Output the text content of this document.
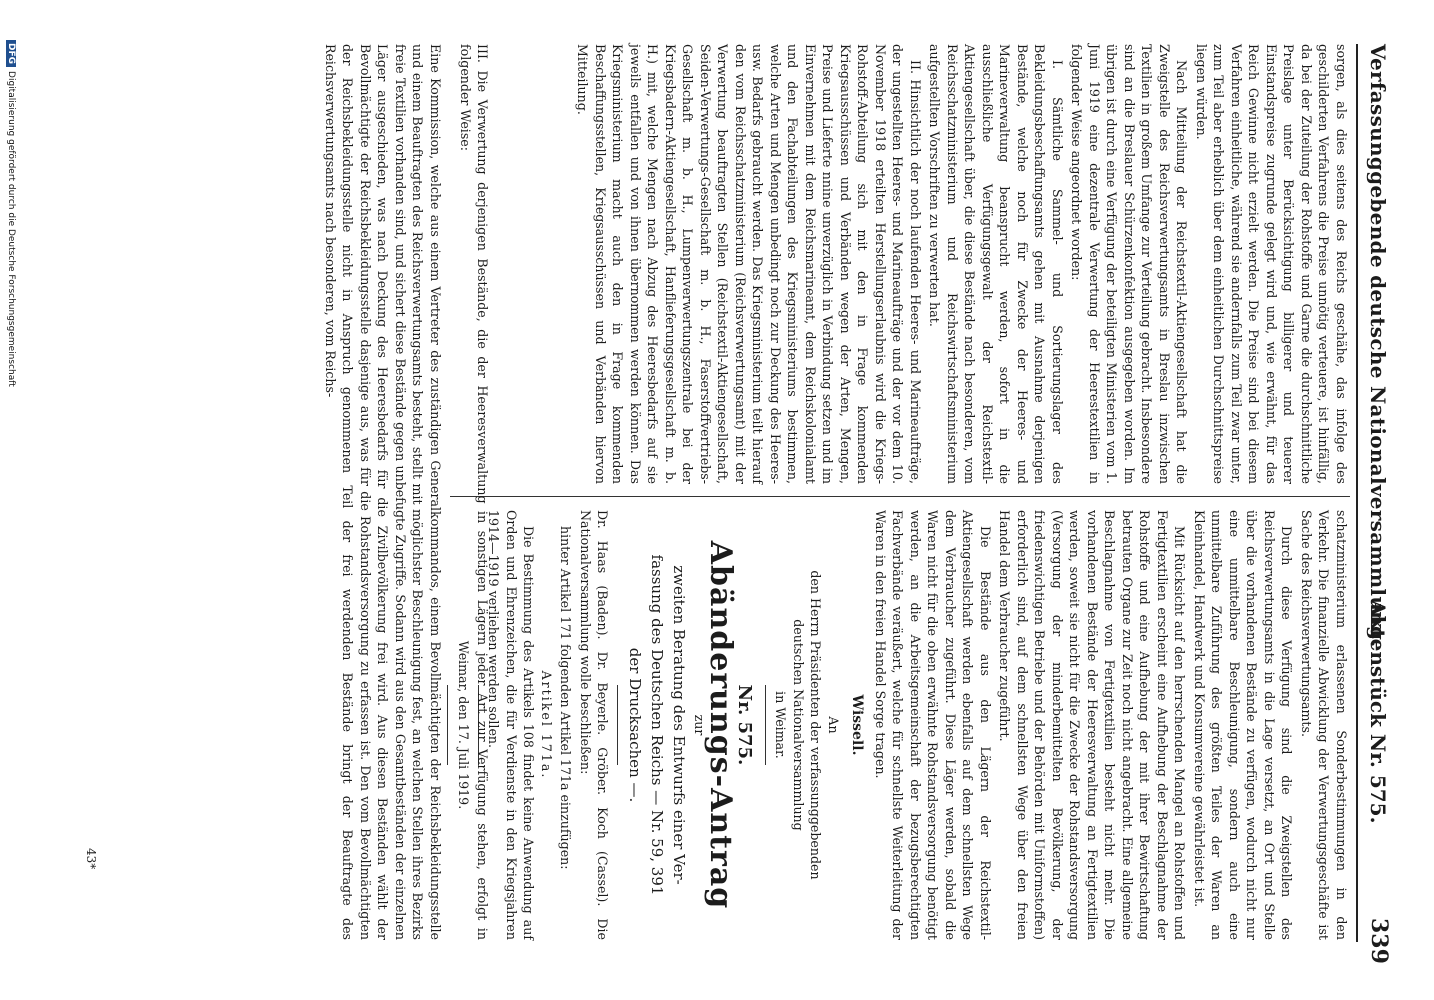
Verfassunggebende deutsche Nationalversammlung.
Aktenstück Nr. 575.
339

sorgen, als dies seitens des Reichs geschähe, das infolge des geschilderten Verfahrens die Preise unnötig verteuere, ist hinfällig, da bei der Zuteilung der Rohstoffe und Garne die durchschnittliche Preislage unter Berücksichtigung billigerer und teuerer Einstandspreise zugrunde gelegt wird und, wie erwähnt, für das Reich Gewinne nicht erzielt werden. Die Preise sind bei diesem Verfahren einheitliche, während sie andernfalls zum Teil zwar unter, zum Teil aber erheblich über dem einheitlichen Durchschnittspreise liegen würden.

Nach Mitteilung der Reichstextil-Aktiengesellschaft hat die Zweigstelle des Reichsverwertungsamts in Breslau inzwischen Textilien in großem Umfange zur Verteilung gebracht. Insbesondere sind an die Breslauer Schürzenkonfektion ausgegeben worden. Im übrigen ist durch eine Verfügung der beteiligten Ministerien vom 1. Juni 1919 eine dezentrale Verwertung der Heerestextilien in folgender Weise angeordnet worden:

I. Sämtliche Sammel- und Sortierungslager des Bekleidungsbeschaffungsamts gehen mit Ausnahme derjenigen Bestände, welche noch für Zwecke der Heeres- und Marineverwaltung beansprucht werden, sofort in die ausschließliche Verfügungsgewalt der Reichstextil-Aktiengesellschaft über, die diese Bestände nach besonderen, vom Reichsschatzministerium und Reichswirtschaftsministerium aufgestellten Vorschriften zu verwerten hat.

II. Hinsichtlich der noch laufenden Heeres- und Marineaufträge, der ungestellten Heeres- und Marineaufträge und der vor dem 10. November 1918 erteilten Herstellungserlaubnis wird die Kriegs-Rohstoff-Abteilung sich mit den in Frage kommenden Kriegsausschüssen und Verbänden wegen der Arten, Mengen, Preise und Lieferte nnine unverzüglich in Verbindung setzen und im Einvernehmen mit dem Reichsmarineamt, dem Reichskolonialamt und den Fachabteilungen des Kriegsministeriums bestimmen, welche Arten und Mengen unbedingt noch zur Deckung des Heeres- usw. Bedarfs gebraucht werden. Das Kriegsministerium teilt hierauf den vom Reichsschatzministerium (Reichsverwertungsamt) mit der Verwertung beauftragten Stellen (Reichstextil-Aktiengesellschaft, Seiden-Verwertungs-Gesellschaft m. b. H., Faserstoffvertriebs-Gesellschaft m. b. H., Lumpenverwertungszentrale bei der Kriegsbadern-Aktiengesellschaft, Hanflieferungsgesellschaft m. b. H.) mit, welche Mengen nach Abzug des Heeresbedarfs auf sie jeweils entfallen und von ihnen übernommen werden können. Das Kriegsministerium macht auch den in Frage kommenden Beschaffungsstellen, Kriegsausschüssen und Verbänden hiervon Mitteilung.

schatzministerium erlassenen Sonderbestimmungen in den Verkehr. Die finanzielle Abwicklung der Verwertungsgeschäfte ist Sache des Reichsverwertungsamts.

Durch diese Verfügung sind die Zweigstellen des Reichsverwertungsamts in die Lage versetzt, an Ort und Stelle über die vorhandenen Bestände zu verfügen, wodurch nicht nur eine unmittelbare Beschleunigung, sondern auch eine unmittelbare Zuführung des größten Teiles der Waren an Kleinhandel, Handwerk und Konsumvereine gewährleistet ist.

Mit Rücksicht auf den herrschenden Mangel an Rohstoffen und Fertigtextilien erscheint eine Aufhebung der Beschlagnahme der Rohstoffe und eine Aufhebung der mit ihrer Bewirtschaftung betrauten Organe zur Zeit noch nicht angebracht. Eine allgemeine Beschlagnahme von Fertigtextilien besteht nicht mehr. Die vorhandenen Bestände der Heeresverwaltung an Fertigtextilien werden, soweit sie nicht für die Zwecke der Rohstandsversorgung (Versorgung der minderbemittelten Bevölkerung, der friedenswichtigen Betriebe und der Behörden mit Uniformstoffen) erforderlich sind, auf dem schnellsten Wege über den freien Handel dem Verbraucher zugeführt.

Die Bestände aus den Lägern der Reichstextil-Aktiengesellschaft werden ebenfalls auf dem schnellsten Wege dem Verbraucher zugeführt. Diese Läger werden, sobald die Waren nicht für die oben erwähnte Rohstandsversorgung benötigt werden, an die Arbeitsgemeinschaft der bezugsberechtigten Fachverbände veräußert, welche für schnellste Weiterleitung der Waren in den freien Handel Sorge tragen.

Wissell.
An
den Herrn Präsidenten der verfassunggebenden
deutschen Nationalversammlung
in Weimar.
Nr. 575.
Abänderungs-Antrag
zur
zweiten Beratung des Entwurfs einer Ver-
fassung des Deutschen Reichs — Nr. 59, 391
der Drucksachen —.

Dr. Haas (Baden). Dr. Beyerle. Gröber. Koch (Cassel). Die Nationalversammlung wolle beschließen:

hinter Artikel 171 folgenden Artikel 171a einzufügen:

Artikel 171a.

Die Bestimmung des Artikels 108 findet keine Anwendung auf Orden und Ehrenzeichen, die für Verdienste in den Kriegsjahren 1914—1919 verliehen werden sollen.

Weimar, den 17. Juli 1919. III. Die Verwertung derjenigen Bestände, die der Heeresverwaltung in sonstigen Lägern jeder Art zur Verfügung stehen, erfolgt in folgender Weise:

Eine Kommission, welche aus einem Vertreter des zuständigen Generalkommandos, einem Bevollmächtigten der Reichsbekleidungsstelle und einem Beauftragten des Reichsverwertungsamts besteht, stellt mit möglichster Beschleunigung fest, an welchen Stellen ihres Bezirks freie Textilien vorhanden sind, und sichert diese Bestände gegen unbefugte Zugriffe. Sodann wird aus den Gesamtbeständen der einzelnen Läger ausgeschieden, was nach Deckung des Heeresbedarfs für die Zivilbevölkerung frei wird. Aus diesen Beständen wählt der Bevollmächtigte der Reichsbekleidungsstelle dasjenige aus, was für die Rohstandsversorgung zu erfassen ist. Den vom Bevollmächtigten der Reichsbekleidungsstelle nicht in Anspruch genommenen Teil der frei werdenden Bestände bringt der Beauftragte des Reichsverwertungsamts nach besonderen, vom Reichs-

43*
DFGDigitalisierung gefördert durch die Deutsche Forschungsgemeinschaft
